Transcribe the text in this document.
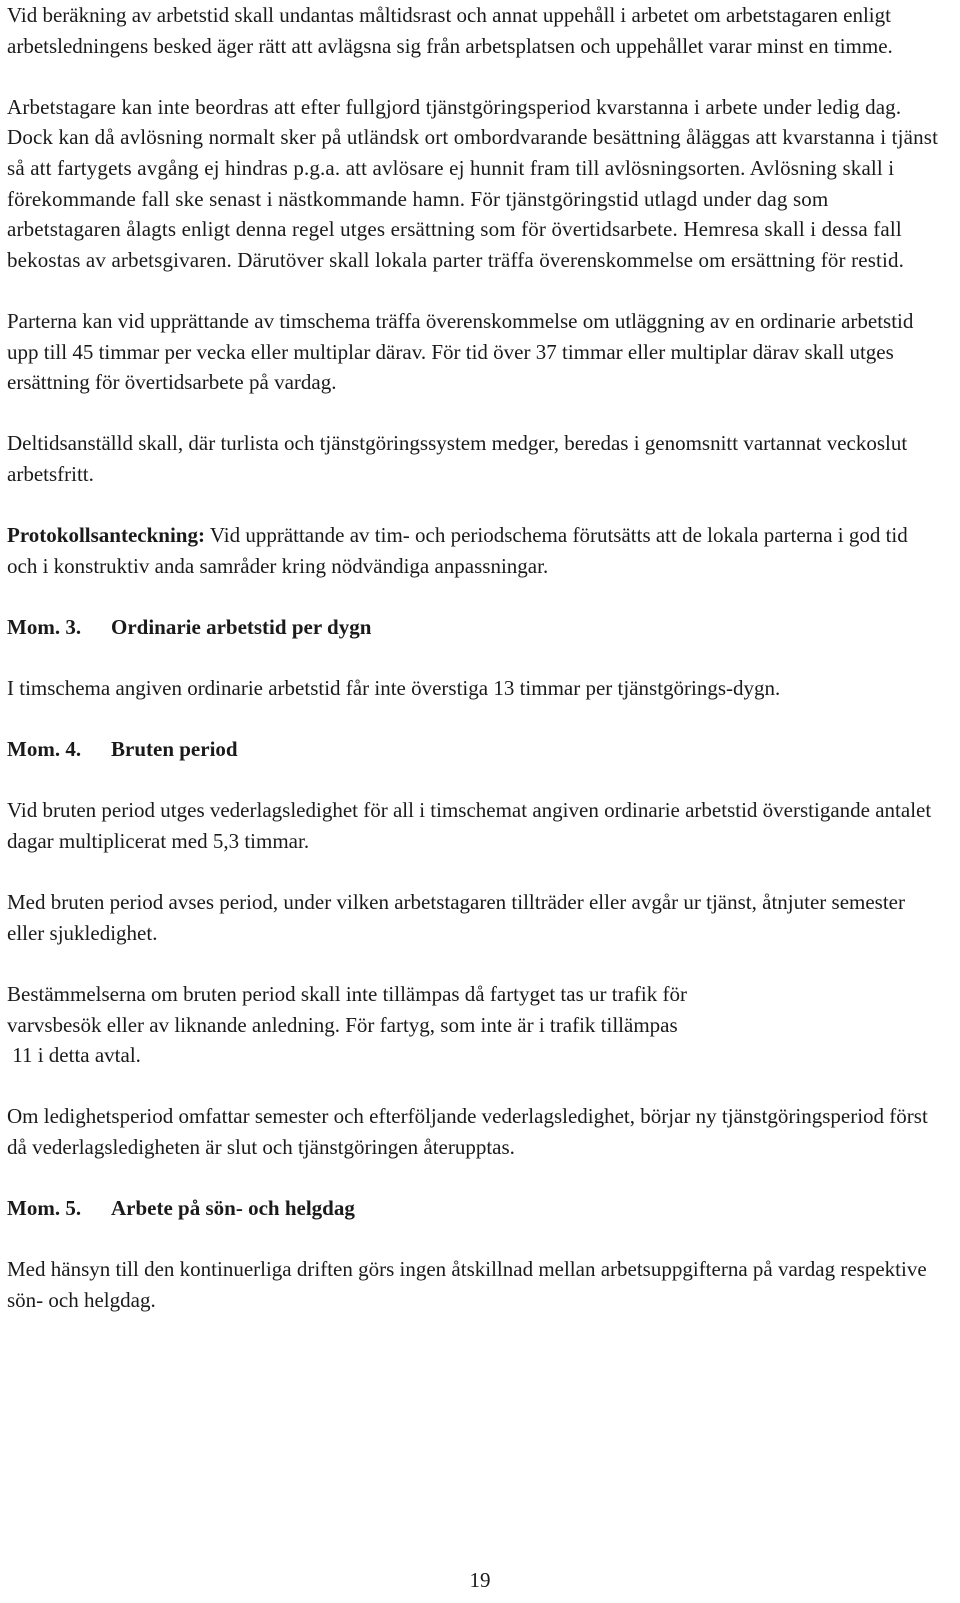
Vid beräkning av arbetstid skall undantas måltidsrast och annat uppehåll i arbetet om arbetstagaren enligt arbetsledningens besked äger rätt att avlägsna sig från arbetsplatsen och uppehållet varar minst en timme.

Arbetstagare kan inte beordras att efter fullgjord tjänstgöringsperiod kvarstanna i arbete under ledig dag. Dock kan då avlösning normalt sker på utländsk ort ombordvarande besättning åläggas att kvarstanna i tjänst så att fartygets avgång ej hindras p.g.a. att avlösare ej hunnit fram till avlösningsorten. Avlösning skall i förekommande fall ske senast i nästkommande hamn. För tjänstgöringstid utlagd under dag som arbetstagaren ålagts enligt denna regel utges ersättning som för övertidsarbete. Hemresa skall i dessa fall bekostas av arbetsgivaren. Därutöver skall lokala parter träffa överenskommelse om ersättning för restid.

Parterna kan vid upprättande av timschema träffa överenskommelse om utläggning av en ordinarie arbetstid upp till 45 timmar per vecka eller multiplar därav. För tid över 37 timmar eller multiplar därav skall utges ersättning för övertidsarbete på vardag.

Deltidsanställd skall, där turlista och tjänstgöringssystem medger, beredas i genomsnitt vartannat veckoslut arbetsfritt.

Protokollsanteckning: Vid upprättande av tim- och periodschema förutsätts att de lokala parterna i god tid och i konstruktiv anda samråder kring nödvändiga anpassningar.

Mom. 3. Ordinarie arbetstid per dygn

I timschema angiven ordinarie arbetstid får inte överstiga 13 timmar per tjänstgörings-dygn.

Mom. 4. Bruten period

Vid bruten period utges vederlagsledighet för all i timschemat angiven ordinarie arbetstid överstigande antalet dagar multiplicerat med 5,3 timmar.

Med bruten period avses period, under vilken arbetstagaren tillträder eller avgår ur tjänst, åtnjuter semester eller sjukledighet.

Bestämmelserna om bruten period skall inte tillämpas då fartyget tas ur trafik för
varvsbesök eller av liknande anledning. För fartyg, som inte är i trafik tillämpas
11 i detta avtal.

Om ledighetsperiod omfattar semester och efterföljande vederlagsledighet, börjar ny tjänstgöringsperiod först då vederlagsledigheten är slut och tjänstgöringen återupptas.

Mom. 5. Arbete på sön- och helgdag

Med hänsyn till den kontinuerliga driften görs ingen åtskillnad mellan arbetsuppgifterna på vardag respektive sön- och helgdag.

19
